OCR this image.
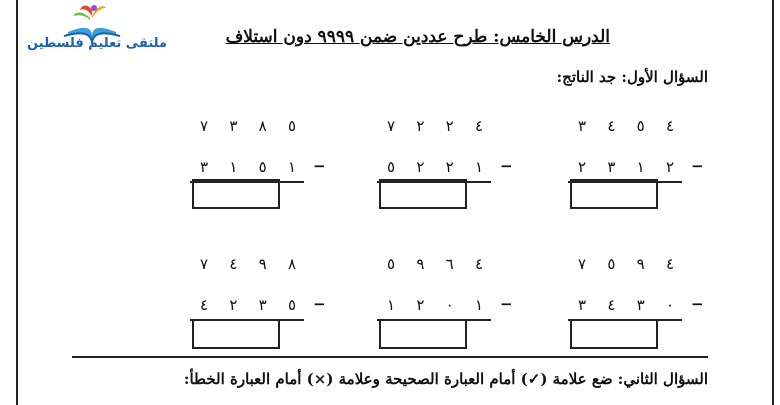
ملتقى تعليم فلسطين	الدرس الخامس: طرح عددين ضمن ٩٩٩٩ دون استلاف
السؤال الأول: جد الناتج:
٣ ٤ ٥ ٤
٢ ٣ ١ ٢ −
٧ ٢ ٢ ٤
٥ ٢ ٢ ١ −
٧ ٣ ٨ ٥
٣ ١ ٥ ١ −
٧ ٥ ٩ ٤
٣ ٤ ٣ ٠ −
٥ ٩ ٦ ٤
١ ٢ ٠ ١ −
٧ ٤ ٩ ٨
٤ ٢ ٣ ٥ −
السؤال الثاني: ضع علامة (✓) أمام العبارة الصحيحة وعلامة (×) أمام العبارة الخطأ:
